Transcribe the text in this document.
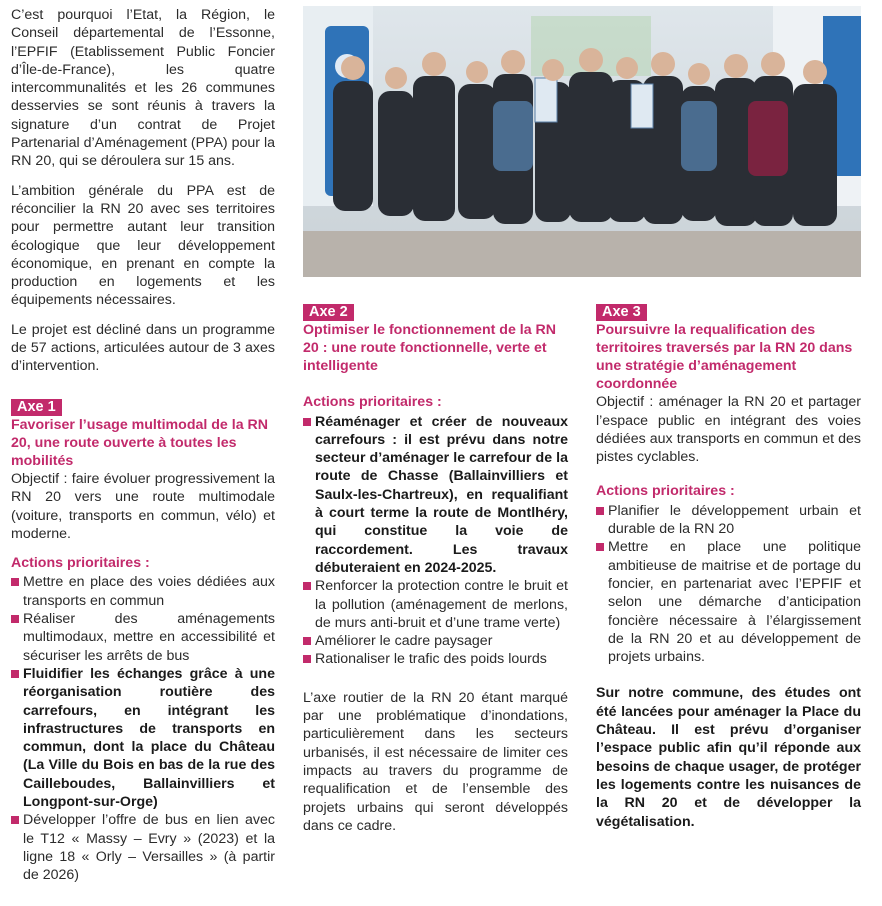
C’est pourquoi l’Etat, la Région, le Conseil départemental de l’Essonne, l’EPFIF (Etablissement Public Foncier d’Île-de-France), les quatre intercommunalités et les 26 communes desservies se sont réunis à travers la signature d’un contrat de Projet Partenarial d’Aménagement (PPA) pour la RN 20, qui se déroulera sur 15 ans.

L’ambition générale du PPA est de réconcilier la RN 20 avec ses territoires pour permettre autant leur transition écologique que leur développement économique, en prenant en compte la production en logements et les équipements nécessaires.

Le projet est décliné dans un programme de 57 actions, articulées autour de 3 axes d’intervention.

Axe 1

Favoriser l’usage multimodal de la RN 20, une route ouverte à toutes les mobilités

Objectif : faire évoluer progressivement la RN 20 vers une route multimodale (voiture, transports en commun, vélo) et moderne.

Actions prioritaires :

Mettre en place des voies dédiées aux transports en commun
Réaliser des aménagements multimodaux, mettre en accessibilité et sécuriser les arrêts de bus
Fluidifier les échanges grâce à une réorganisation routière des carrefours, en intégrant les infrastructures de transports en commun, dont la place du Château (La Ville du Bois en bas de la rue des Cailleboudes, Ballainvilliers et Longpont-sur-Orge)
Développer l’offre de bus en lien avec le T12 « Massy – Evry » (2023) et la ligne 18 « Orly – Versailles » (à partir de 2026)
Axe 2

Optimiser le fonctionnement de la RN 20 : une route fonctionnelle, verte et intelligente

Actions prioritaires :

Réaménager et créer de nouveaux carrefours : il est prévu dans notre secteur d’aménager le carrefour de la route de Chasse (Ballainvilliers et Saulx-les-Chartreux), en requalifiant à court terme la route de Montlhéry, qui constitue la voie de raccordement. Les travaux débuteraient en 2024-2025.
Renforcer la protection contre le bruit et la pollution (aménagement de merlons, de murs anti-bruit et d’une trame verte)
Améliorer le cadre paysager
Rationaliser le trafic des poids lourds

L’axe routier de la RN 20 étant marqué par une problématique d’inondations, particulièrement dans les secteurs urbanisés, il est nécessaire de limiter ces impacts au travers du programme de requalification et de l’ensemble des projets urbains qui seront développés dans ce cadre.

Axe 3

Poursuivre la requalification des territoires traversés par la RN 20 dans une stratégie d’aménagement coordonnée

Objectif : aménager la RN 20 et partager l’espace public en intégrant des voies dédiées aux transports en commun et des pistes cyclables.

Actions prioritaires :

Planifier le développement urbain et durable de la RN 20
Mettre en place une politique ambitieuse de maitrise et de portage du foncier, en partenariat avec l’EPFIF et selon une démarche d’anticipation foncière nécessaire à l’élargissement de la RN 20 et au développement de projets urbains.

Sur notre commune, des études ont été lancées pour aménager la Place du Château. Il est prévu d’organiser l’espace public afin qu’il réponde aux besoins de chaque usager, de protéger les logements contre les nuisances de la RN 20 et de développer la végétalisation.
